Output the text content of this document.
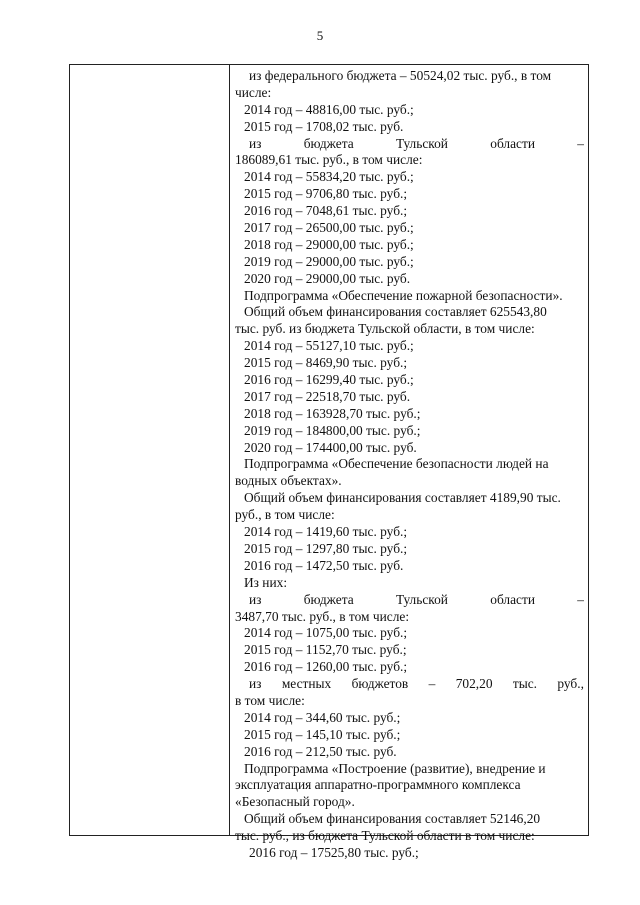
5
из федерального бюджета – 50524,02 тыс. руб., в том
числе:
2014 год – 48816,00 тыс. руб.;
2015 год – 1708,02 тыс. руб.
из	бюджета	Тульской	области	–
186089,61 тыс. руб., в том числе:
2014 год – 55834,20 тыс. руб.;
2015 год – 9706,80 тыс. руб.;
2016 год – 7048,61 тыс. руб.;
2017 год – 26500,00 тыс. руб.;
2018 год – 29000,00 тыс. руб.;
2019 год – 29000,00 тыс. руб.;
2020 год – 29000,00 тыс. руб.
Подпрограмма «Обеспечение пожарной безопасности».
Общий объем финансирования составляет 625543,80
тыс. руб. из бюджета Тульской области, в том числе:
2014 год – 55127,10 тыс. руб.;
2015 год – 8469,90 тыс. руб.;
2016 год – 16299,40 тыс. руб.;
2017 год – 22518,70 тыс. руб.
2018 год – 163928,70 тыс. руб.;
2019 год – 184800,00 тыс. руб.;
2020 год – 174400,00 тыс. руб.
Подпрограмма «Обеспечение безопасности людей на
водных объектах».
Общий объем финансирования составляет 4189,90 тыс.
руб., в том числе:
2014 год – 1419,60 тыс. руб.;
2015 год – 1297,80 тыс. руб.;
2016 год – 1472,50 тыс. руб.
Из них:
из	бюджета	Тульской	области	–
3487,70 тыс. руб., в том числе:
2014 год – 1075,00 тыс. руб.;
2015 год – 1152,70 тыс. руб.;
2016 год – 1260,00 тыс. руб.;
из местных бюджетов – 702,20 тыс. руб.,
в том числе:
2014 год – 344,60 тыс. руб.;
2015 год – 145,10 тыс. руб.;
2016 год – 212,50 тыс. руб.
Подпрограмма «Построение (развитие), внедрение и
эксплуатация аппаратно-программного комплекса
«Безопасный город».
Общий объем финансирования составляет 52146,20
тыс. руб., из бюджета Тульской области в том числе:
2016 год – 17525,80 тыс. руб.;
